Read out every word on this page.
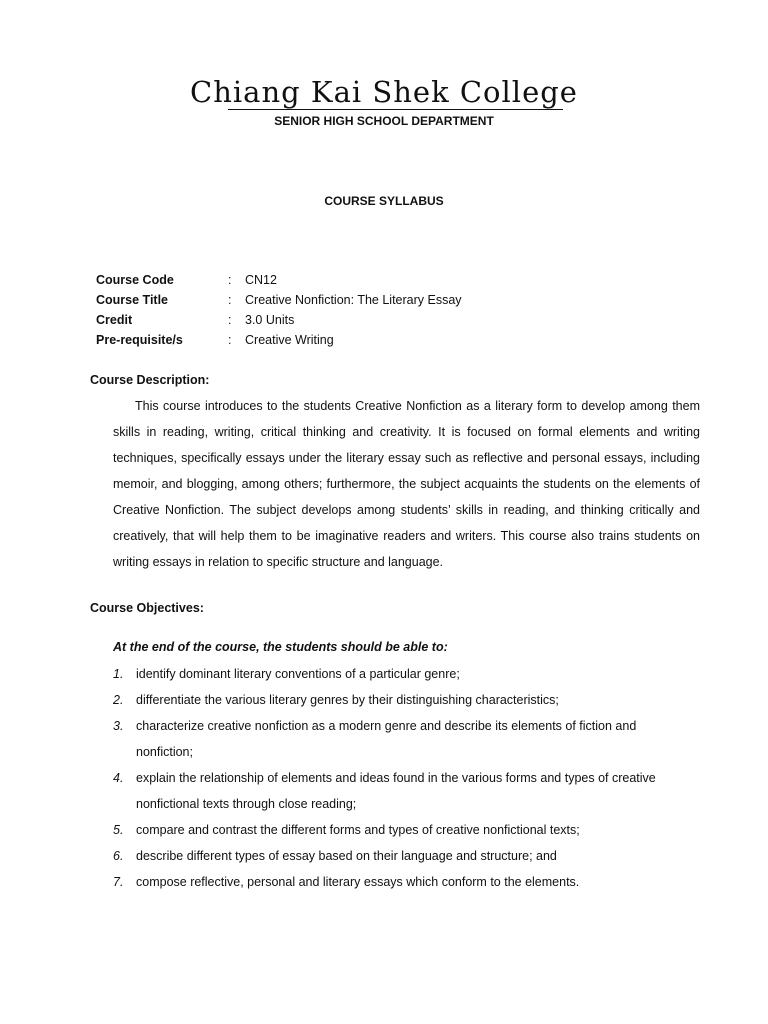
Chiang Kai Shek College
SENIOR HIGH SCHOOL DEPARTMENT
COURSE SYLLABUS
Course Code	: CN12
Course Title	: Creative Nonfiction: The Literary Essay
Credit	: 3.0 Units
Pre-requisite/s	: Creative Writing
Course Description:

This course introduces to the students Creative Nonfiction as a literary form to develop among them skills in reading, writing, critical thinking and creativity. It is focused on formal elements and writing techniques, specifically essays under the literary essay such as reflective and personal essays, including memoir, and blogging, among others; furthermore, the subject acquaints the students on the elements of Creative Nonfiction. The subject develops among students’ skills in reading, and thinking critically and creatively, that will help them to be imaginative readers and writers. This course also trains students on writing essays in relation to specific structure and language.

Course Objectives:
At the end of the course, the students should be able to:
1. identify dominant literary conventions of a particular genre;
2. differentiate the various literary genres by their distinguishing characteristics;
3. characterize creative nonfiction as a modern genre and describe its elements of fiction and nonfiction;
4. explain the relationship of elements and ideas found in the various forms and types of creative nonfictional texts through close reading;
5. compare and contrast the different forms and types of creative nonfictional texts;
6. describe different types of essay based on their language and structure; and
7. compose reflective, personal and literary essays which conform to the elements.
